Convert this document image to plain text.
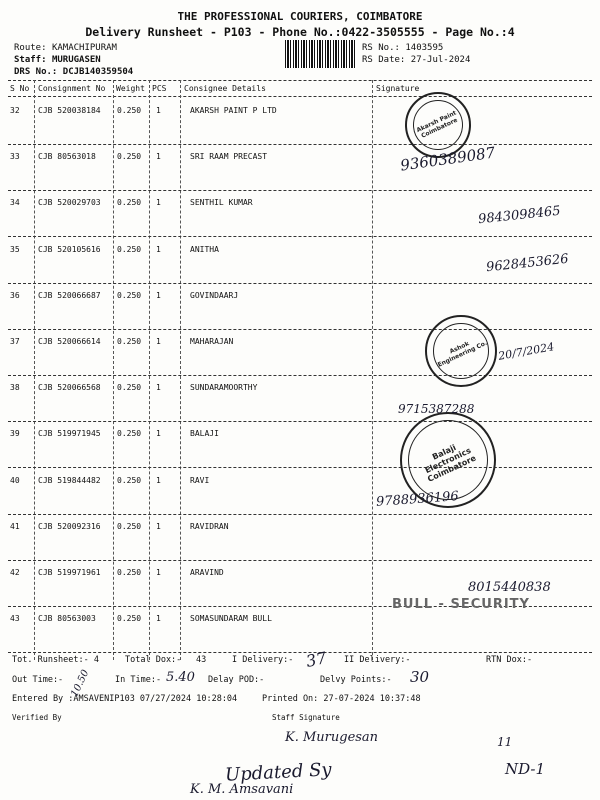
THE PROFESSIONAL COURIERS, COIMBATORE
Delivery Runsheet - P103 - Phone No.:0422-3505555 - Page No.:4
Route: KAMACHIPURAM
Staff: MURUGASEN
DRS No.: DCJB140359504
RS No.: 1403595
RS Date: 27-Jul-2024
S No Consignment No Weight PCS Consignee Details	Signature
32 CJB 520038184 0.250 1	AKARSH PAINT P LTD
33 CJB 80563018	0.250 1	SRI RAAM PRECAST
34 CJB 520029703 0.250 1	SENTHIL KUMAR
35 CJB 520105616 0.250 1	ANITHA
36 CJB 520066687 0.250 1	GOVINDAARJ
37 CJB 520066614 0.250 1	MAHARAJAN
38 CJB 520066568 0.250 1	SUNDARAMOORTHY
39 CJB 519971945 0.250 1	BALAJI
40 CJB 519844482 0.250 1	RAVI
41 CJB 520092316 0.250 1	RAVIDRAN
42 CJB 519971961 0.250 1	ARAVIND
43 CJB 80563003	0.250 1	SOMASUNDARAM BULL
Tot. Runsheet:- 4	Total Dox:- 43	I Delivery:-	II Delivery:-	RTN Dox:-
Out Time:-	In Time:-	Delay POD:-	Delvy Points:-
Entered By :AMSAVENIP103 07/27/2024 10:28:04	Printed On: 27-07-2024 10:37:48
Verified By	Staff Signature
Akarsh Paint Coimbatore
Ashok Engineering Co.
Balaji Electronics Coimbatore
BULL - SECURITY
9360389087
9843098465
9628453626
20/7/2024
9715387288
9788936196
8015440838
37
30
5.40
10.50
K. Murugesan
Updated Sy
K. M. Amsavani
ND-1
11
